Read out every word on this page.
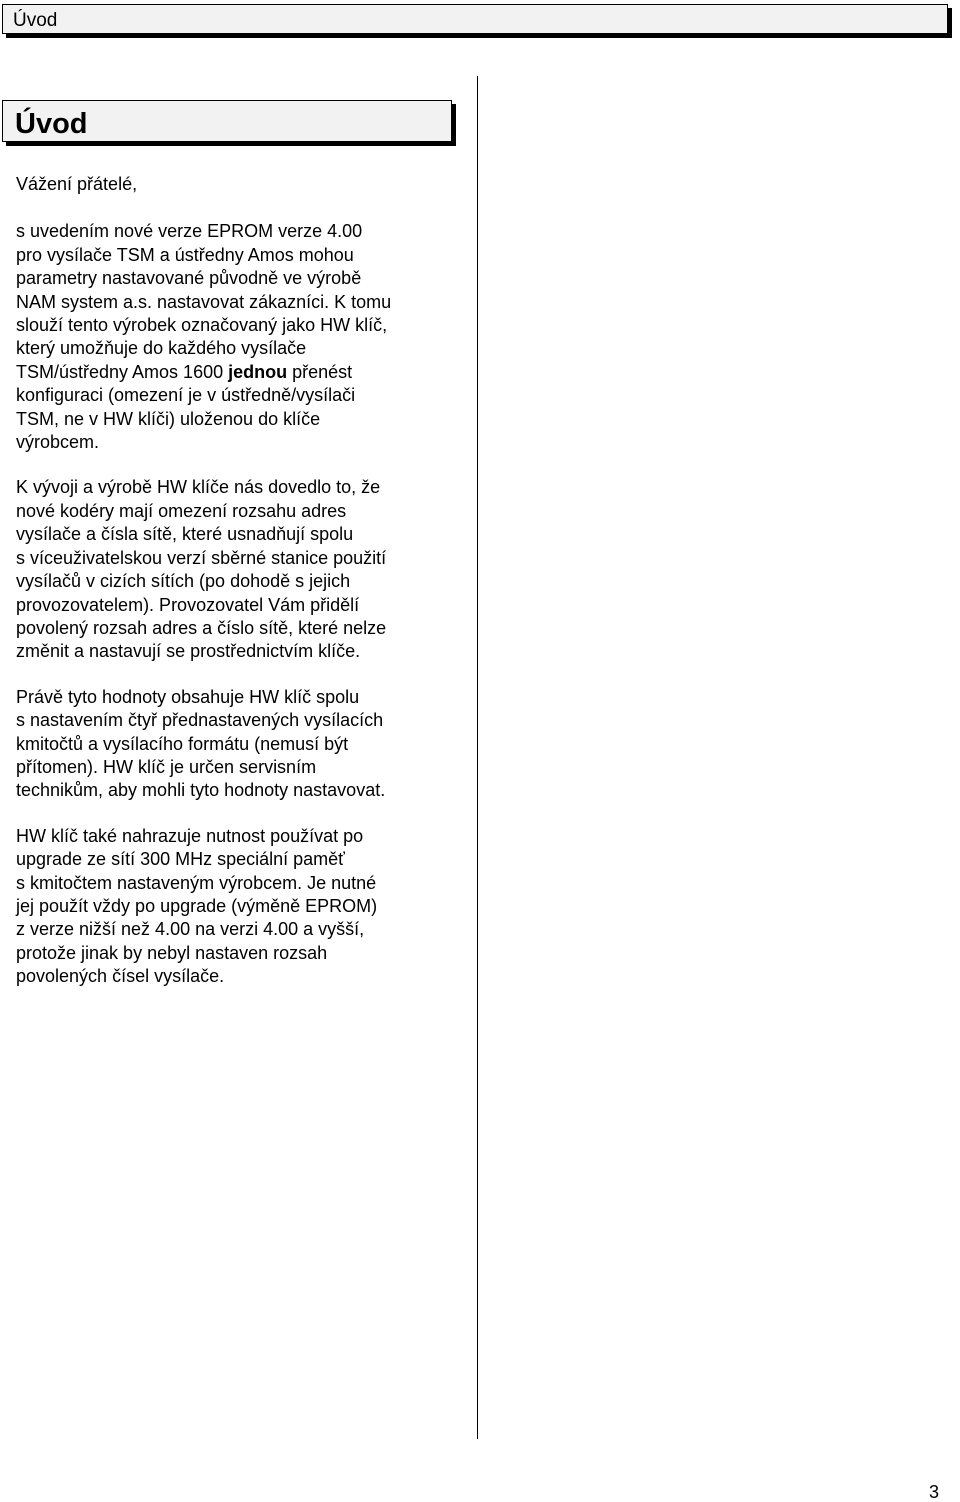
Úvod
Úvod

Vážení přátelé,

s uvedením nové verze EPROM verze 4.00
pro vysílače TSM a ústředny Amos mohou
parametry nastavované původně ve výrobě
NAM system a.s. nastavovat zákazníci. K tomu
slouží tento výrobek označovaný jako HW klíč,
který umožňuje do každého vysílače
TSM/ústředny Amos 1600 jednou přenést
konfiguraci (omezení je v ústředně/vysílači
TSM, ne v HW klíči) uloženou do klíče
výrobcem.

K vývoji a výrobě HW klíče nás dovedlo to, že
nové kodéry mají omezení rozsahu adres
vysílače a čísla sítě, které usnadňují spolu
s víceuživatelskou verzí sběrné stanice použití
vysílačů v cizích sítích (po dohodě s jejich
provozovatelem). Provozovatel Vám přidělí
povolený rozsah adres a číslo sítě, které nelze
změnit a nastavují se prostřednictvím klíče.

Právě tyto hodnoty obsahuje HW klíč spolu
s nastavením čtyř přednastavených vysílacích
kmitočtů a vysílacího formátu (nemusí být
přítomen). HW klíč je určen servisním
technikům, aby mohli tyto hodnoty nastavovat.

HW klíč také nahrazuje nutnost používat po
upgrade ze sítí 300 MHz speciální paměť
s kmitočtem nastaveným výrobcem. Je nutné
jej použít vždy po upgrade (výměně EPROM)
z verze nižší než 4.00 na verzi 4.00 a vyšší,
protože jinak by nebyl nastaven rozsah
povolených čísel vysílače.

3
